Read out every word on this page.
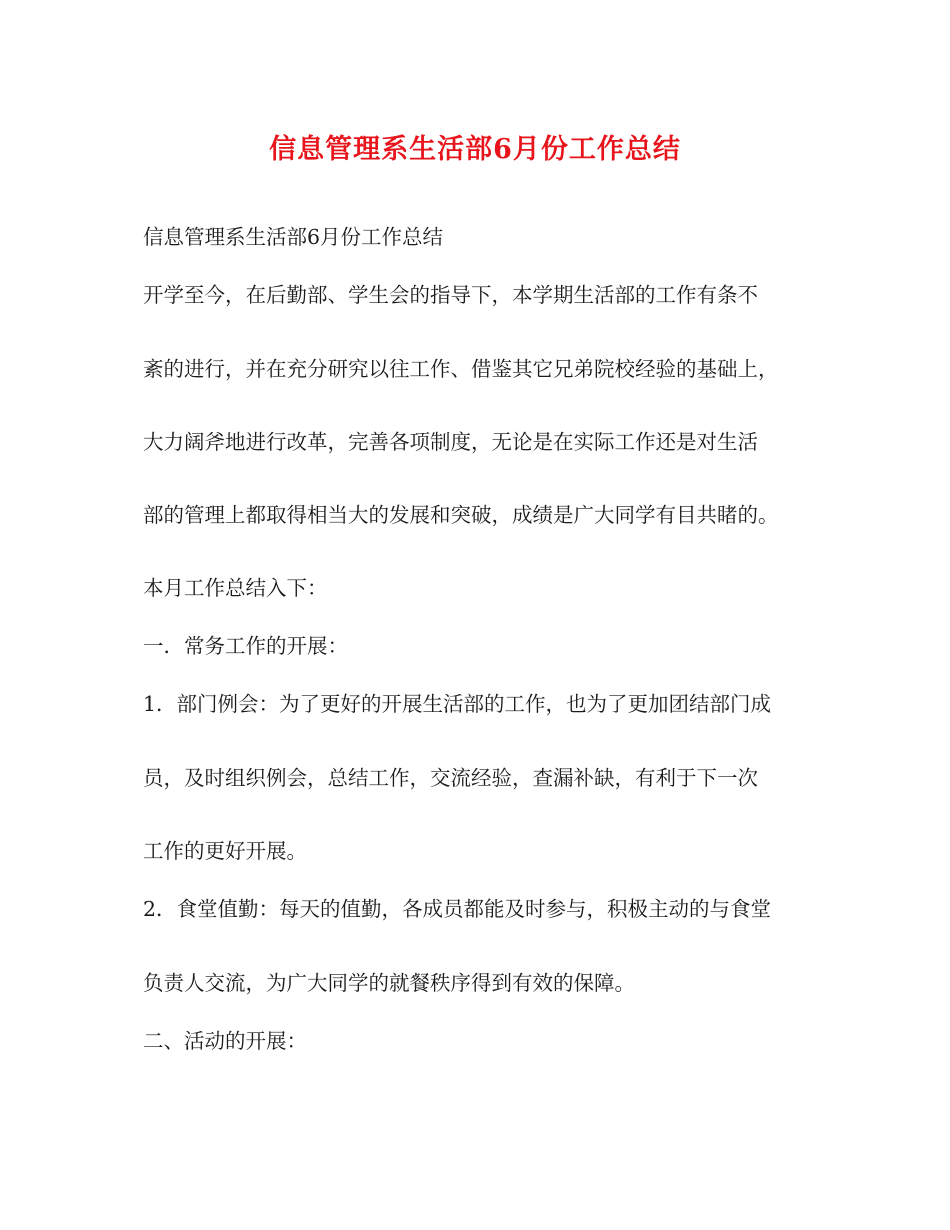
信息管理系生活部6月份工作总结

信息管理系生活部6月份工作总结

开学至今，在后勤部、学生会的指导下，本学期生活部的工作有条不

紊的进行，并在充分研究以往工作、借鉴其它兄弟院校经验的基础上，

大力阔斧地进行改革，完善各项制度，无论是在实际工作还是对生活

部的管理上都取得相当大的发展和突破，成绩是广大同学有目共睹的。

本月工作总结入下：

一．常务工作的开展：

1．部门例会：为了更好的开展生活部的工作，也为了更加团结部门成

员，及时组织例会，总结工作，交流经验，查漏补缺，有利于下一次

工作的更好开展。

2．食堂值勤：每天的值勤，各成员都能及时参与，积极主动的与食堂

负责人交流，为广大同学的就餐秩序得到有效的保障。

二、活动的开展：
